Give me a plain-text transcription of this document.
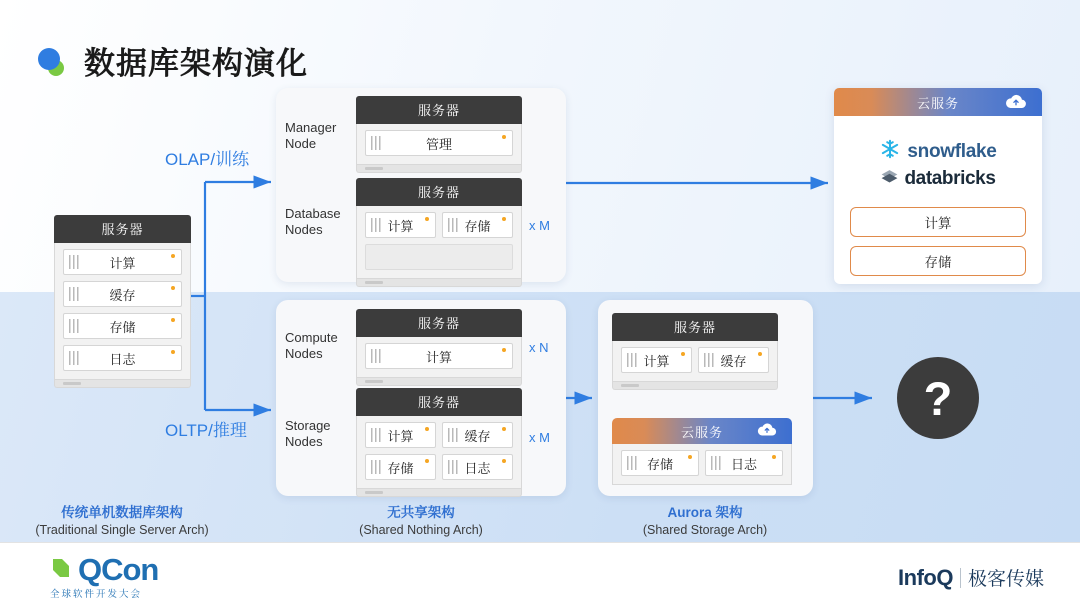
数据库架构演化
OLAP/训练
OLTP/推理
服务器
计算
缓存
存储
日志
Manager
Node
服务器
管理
Database
Nodes
服务器
计算	存储	x M
Compute
Nodes
服务器
计算
x N
Storage
Nodes
服务器
计算	缓存
存储	日志
x M
服务器
计算	缓存
云服务
存储	日志
云服务
snowflake
databricks
计算
存储
?
传统单机数据库架构
(Traditional Single Server Arch)
无共享架构
(Shared Nothing Arch)
Aurora 架构
(Shared Storage Arch)
QCon
全球软件开发大会
InfoQ 极客传媒
